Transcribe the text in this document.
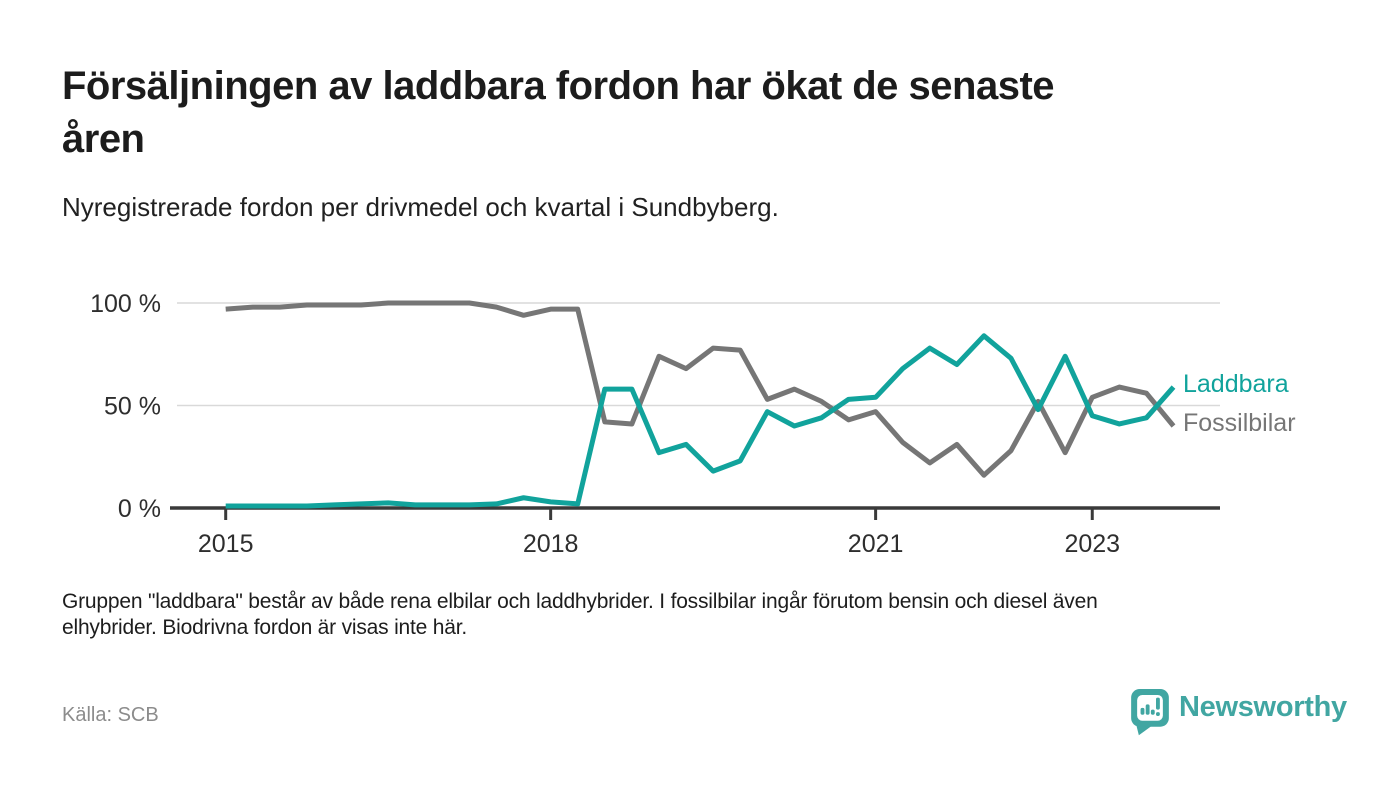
Försäljningen av laddbara fordon har ökat de senaste
åren
Nyregistrerade fordon per drivmedel och kvartal i Sundbyberg.
0 %
50 %
100 %
2015	2018	2021	2023
Laddbara
Fossilbilar
Gruppen "laddbara" består av både rena elbilar och laddhybrider. I fossilbilar ingår förutom bensin och diesel även
elhybrider. Biodrivna fordon är visas inte här.
Källa: SCB	Newsworthy
